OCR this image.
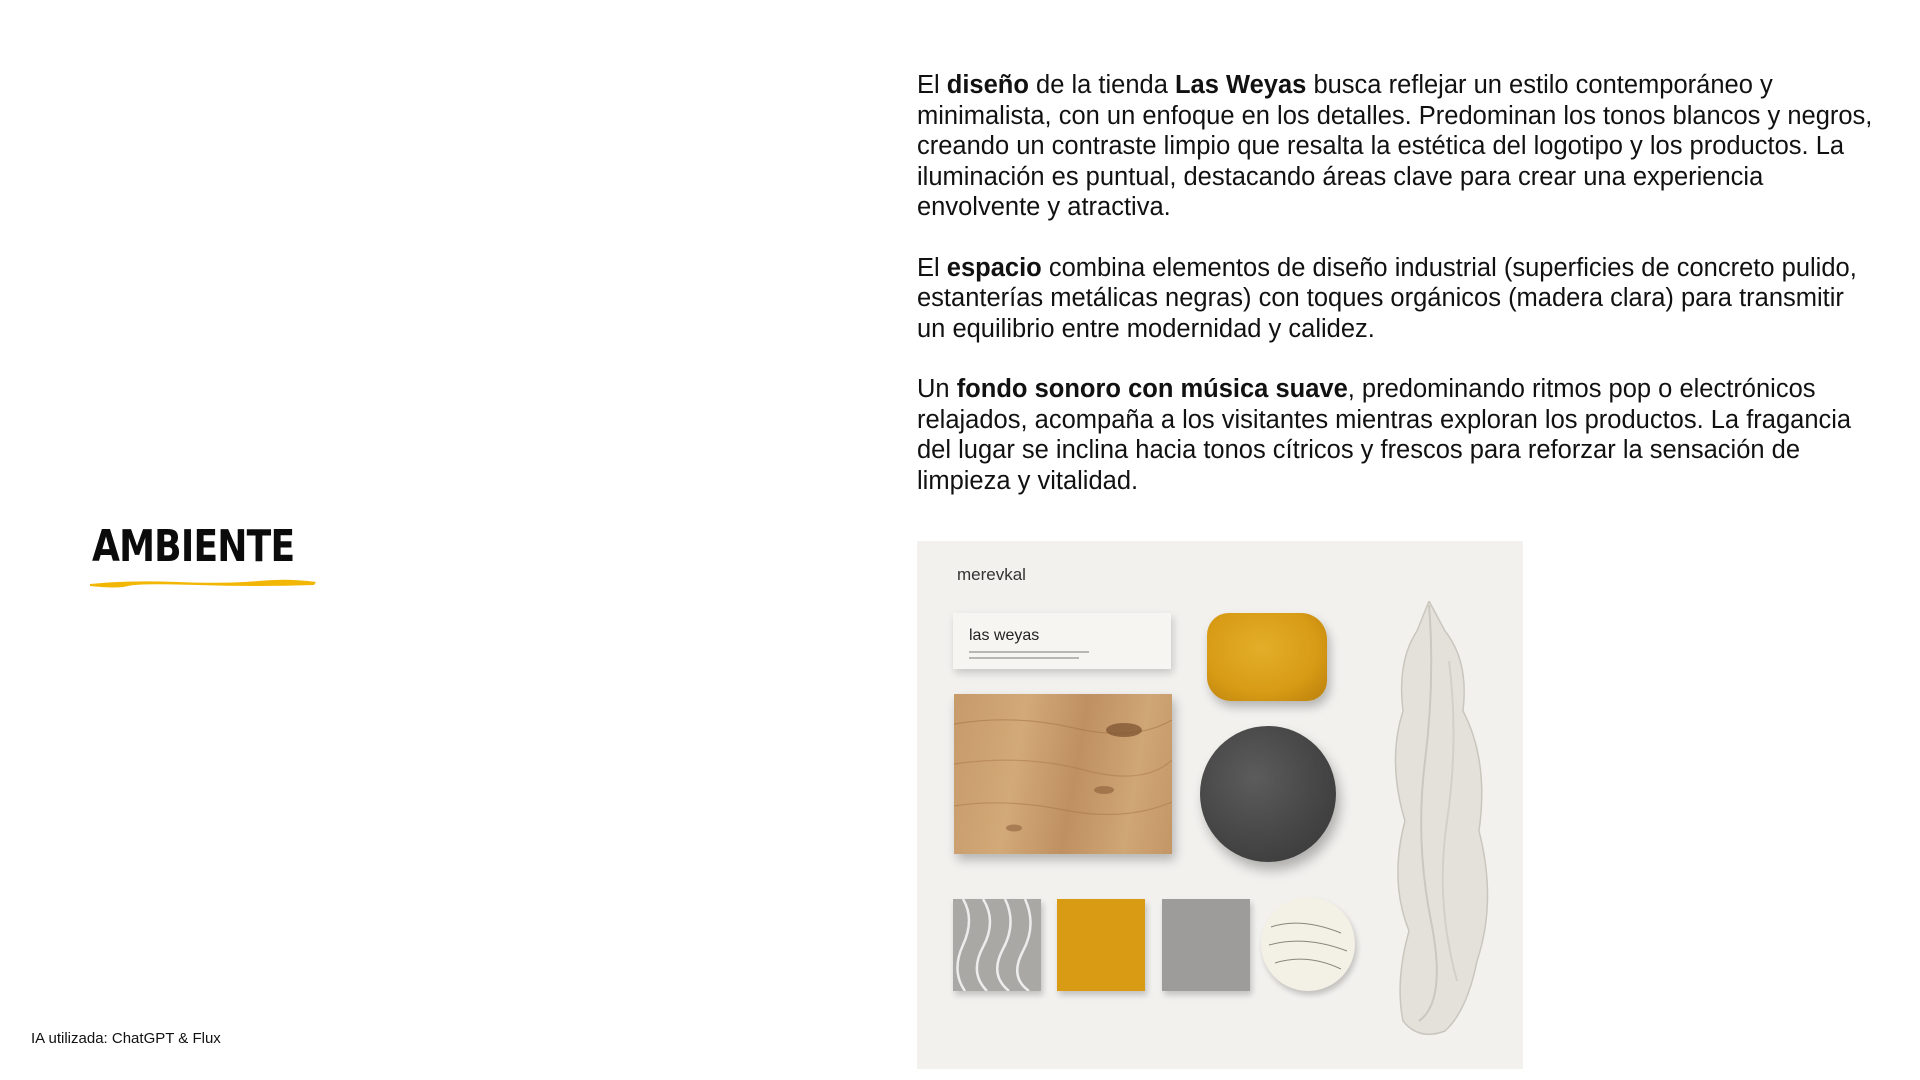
AMBIENTE

El diseño de la tienda Las Weyas busca reflejar un estilo contemporáneo y minimalista, con un enfoque en los detalles. Predominan los tonos blancos y negros, creando un contraste limpio que resalta la estética del logotipo y los productos. La iluminación es puntual, destacando áreas clave para crear una experiencia envolvente y atractiva.

El espacio combina elementos de diseño industrial (superficies de concreto pulido, estanterías metálicas negras) con toques orgánicos (madera clara) para transmitir un equilibrio entre modernidad y calidez.

Un fondo sonoro con música suave, predominando ritmos pop o electrónicos relajados, acompaña a los visitantes mientras exploran los productos. La fragancia del lugar se inclina hacia tonos cítricos y frescos para reforzar la sensación de limpieza y vitalidad.

merevkal
las weyas
IA utilizada: ChatGPT & Flux
